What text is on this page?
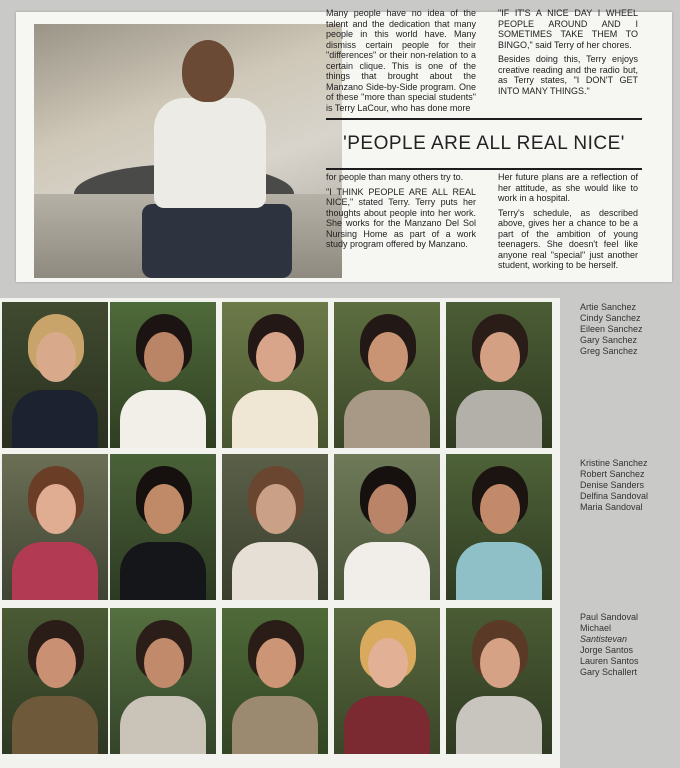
Many people have no idea of the talent and the dedication that many people in this world have. Many dismiss certain people for their "differences" or their non-relation to a certain clique. This is one of the things that brought about the Manzano Side-by-Side program. One of these "more than special students" is Terry LaCour, who has done more

"IF IT'S A NICE DAY I WHEEL PEOPLE AROUND AND I SOMETIMES TAKE THEM TO BINGO," said Terry of her chores.

Besides doing this, Terry enjoys creative reading and the radio but, as Terry states, "I DON'T GET INTO MANY THINGS."

'PEOPLE ARE ALL REAL NICE'

for people than many others try to.

"I THINK PEOPLE ARE ALL REAL NICE," stated Terry. Terry puts her thoughts about people into her work. She works for the Manzano Del Sol Nursing Home as part of a work study program offered by Manzano.

Her future plans are a reflection of her attitude, as she would like to work in a hospital.

Terry's schedule, as described above, gives her a chance to be a part of the ambition of young teenagers. She doesn't feel like anyone real "special" just another student, working to be herself.

Artie Sanchez
Cindy Sanchez
Eileen Sanchez
Gary Sanchez
Greg Sanchez
Kristine Sanchez
Robert Sanchez
Denise Sanders
Delfina Sandoval
Maria Sandoval
Paul Sandoval
Michael
Santistevan
Jorge Santos
Lauren Santos
Gary Schallert
